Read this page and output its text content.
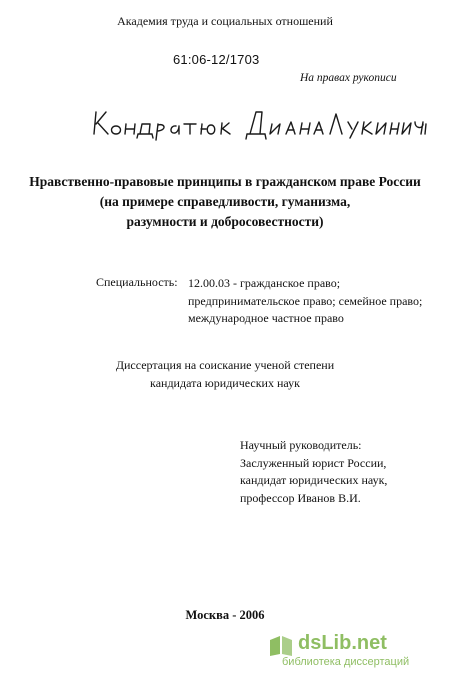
Академия труда и социальных отношений
61:06-12/1703
На правах рукописи
Нравственно-правовые принципы в гражданском праве России
(на примере справедливости, гуманизма,
разумности и добросовестности)
Специальность: 12.00.03 - гражданское право;
предпринимательское право; семейное право;
международное частное право
Диссертация на соискание ученой степени
кандидата юридических наук
Научный руководитель:
Заслуженный юрист России,
кандидат юридических наук,
профессор Иванов В.И.
Москва - 2006
dsLib.net
библиотека диссертаций
